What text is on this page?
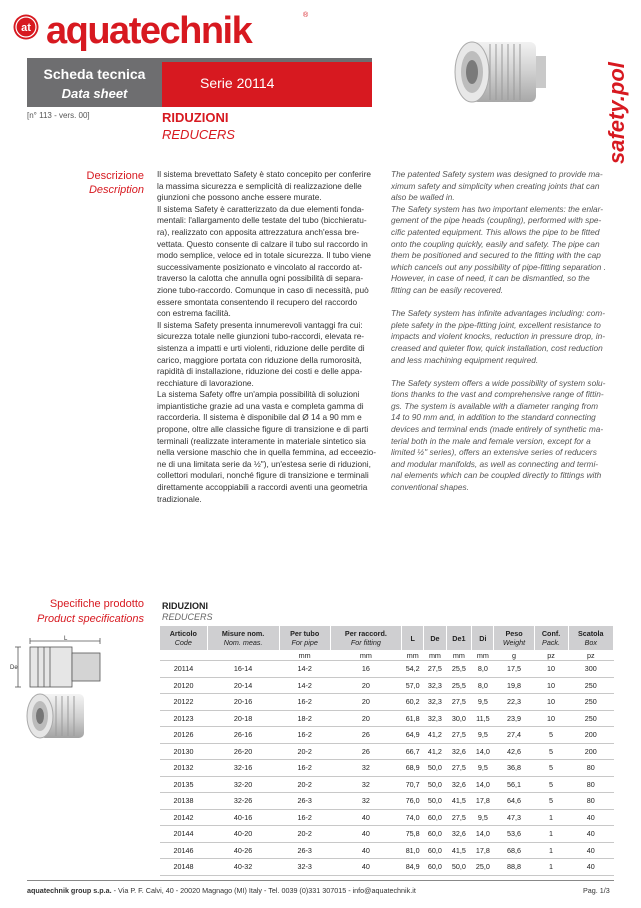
at aquatechnik	®
Scheda tecnica
Data sheet
Serie 20114
[n° 113 - vers. 00]	RIDUZIONI
REDUCERS	safety.pol
Descrizione
Description
Il sistema brevettato Safety è stato concepito per conferire
la massima sicurezza e semplicità di realizzazione delle
giunzioni che possono anche essere murate.
Il sistema Safety è caratterizzato da due elementi fonda-
mentali: l'allargamento delle testate del tubo (bicchieratu-
ra), realizzato con apposita attrezzatura anch'essa bre-
vettata. Questo consente di calzare il tubo sul raccordo in
modo semplice, veloce ed in totale sicurezza. Il tubo viene
successivamente posizionato e vincolato al raccordo at-
traverso la calotta che annulla ogni possibilità di separa-
zione tubo-raccordo. Comunque in caso di necessità, può
essere smontata consentendo il recupero del raccordo
con estrema facilità.
Il sistema Safety presenta innumerevoli vantaggi fra cui:
sicurezza totale nelle giunzioni tubo-raccordi, elevata re-
sistenza a impatti e urti violenti, riduzione delle perdite di
carico, maggiore portata con riduzione della rumorosità,
rapidità di installazione, riduzione dei costi e delle appa-
recchiature di lavorazione.
La sistema Safety offre un'ampia possibilità di soluzioni
impiantistiche grazie ad una vasta e completa gamma di
raccorderia. Il sistema è disponibile dal Ø 14 a 90 mm e
propone, oltre alle classiche figure di transizione e di parti
terminali (realizzate interamente in materiale sintetico sia
nella versione maschio che in quella femmina, ad ecceezio-
ne di una limitata serie da ½"), un'estesa serie di riduzioni,
collettori modulari, nonché figure di transizione e terminali
direttamente accoppiabili a raccordi aventi una geometria
tradizionale.
The patented Safety system was designed to provide ma-
ximum safety and simplicity when creating joints that can
also be walled in.
The Safety system has two important elements: the enlar-
gement of the pipe heads (coupling), performed with spe-
cific patented equipment. This allows the pipe to be fitted
onto the coupling quickly, easily and safety. The pipe can
them be positioned and secured to the fitting with the cap
which cancels out any possibility of pipe-fitting separation .
However, in case of need, it can be dismantled, so the
fitting can be easily recovered.
The Safety system has infinite advantages including: com-
plete safety in the pipe-fitting joint, excellent resistance to
impacts and violent knocks, reduction in pressure drop, in-
creased and quieter flow, quick installation, cost reduction
and less machining equipment required.
The Safety system offers a wide possibility of system solu-
tions thanks to the vast and comprehensive range of fittin-
gs. The system is available with a diameter ranging from
14 to 90 mm and, in addition to the standard connecting
devices and terminal ends (made entirely of synthetic ma-
terial both in the male and female version, except for a
limited ½" series), offers an extensive series of reducers
and modular manifolds, as well as connecting and termi-
nal elements which can be coupled directly to fittings with
conventional shapes.
Specifiche prodotto
Product specifications
RIDUZIONI
REDUCERS
L
De
Articolo
Code	Misure nom.
Nom. meas.	Per tubo
For pipe	Per raccord.
For fitting	L	De	De1	Di	Peso
Weight	Conf.
Pack.	Scatola
Box

		mm	mm	mm	mm	mm	mm	g	pz	pz
20114	16-14	14-2	16	54,2	27,5	25,5	8,0	17,5	10	300
20120	20-14	14-2	20	57,0	32,3	25,5	8,0	19,8	10	250
20122	20-16	16-2	20	60,2	32,3	27,5	9,5	22,3	10	250
20123	20-18	18-2	20	61,8	32,3	30,0	11,5	23,9	10	250
20126	26-16	16-2	26	64,9	41,2	27,5	9,5	27,4	5	200
20130	26-20	20-2	26	66,7	41,2	32,6	14,0	42,6	5	200
20132	32-16	16-2	32	68,9	50,0	27,5	9,5	36,8	5	80
20135	32-20	20-2	32	70,7	50,0	32,6	14,0	56,1	5	80
20138	32-26	26-3	32	76,0	50,0	41,5	17,8	64,6	5	80
20142	40-16	16-2	40	74,0	60,0	27,5	9,5	47,3	1	40
20144	40-20	20-2	40	75,8	60,0	32,6	14,0	53,6	1	40
20146	40-26	26-3	40	81,0	60,0	41,5	17,8	68,6	1	40
20148	40-32	32-3	40	84,9	60,0	50,0	25,0	88,8	1	40
aquatechnik group s.p.a. - Via P. F. Calvi, 40 - 20020 Magnago (MI) Italy - Tel. 0039 (0)331 307015 - info@aquatechnik.it	Pag. 1/3
